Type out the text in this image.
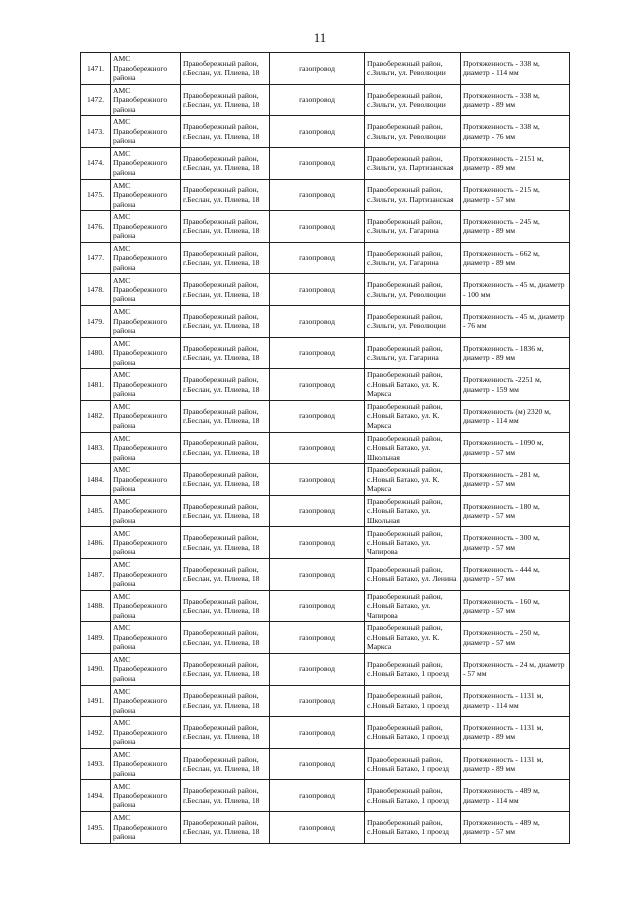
11
1471.	АМС Правобережного района	Правобережный район, г.Беслан, ул. Плиева, 18	газопровод	Правобережный район, с.Зильги, ул. Революции	Протяженность - 338 м, диаметр - 114 мм
1472.	АМС Правобережного района	Правобережный район, г.Беслан, ул. Плиева, 18	газопровод	Правобережный район, с.Зильги, ул. Революции	Протяженность - 338 м, диаметр - 89 мм
1473.	АМС Правобережного района	Правобережный район, г.Беслан, ул. Плиева, 18	газопровод	Правобережный район, с.Зильги, ул. Революции	Протяженность - 338 м, диаметр - 76 мм
1474.	АМС Правобережного района	Правобережный район, г.Беслан, ул. Плиева, 18	газопровод	Правобережный район, с.Зильги, ул. Партизанская	Протяженность - 2151 м, диаметр - 89 мм
1475.	АМС Правобережного района	Правобережный район, г.Беслан, ул. Плиева, 18	газопровод	Правобережный район, с.Зильги, ул. Партизанская	Протяженность - 215 м, диаметр - 57 мм
1476.	АМС Правобережного района	Правобережный район, г.Беслан, ул. Плиева, 18	газопровод	Правобережный район, с.Зильги, ул. Гагарина	Протяженность - 245 м, диаметр - 89 мм
1477.	АМС Правобережного района	Правобережный район, г.Беслан, ул. Плиева, 18	газопровод	Правобережный район, с.Зильги, ул. Гагарина	Протяженность - 662 м, диаметр - 89 мм
1478.	АМС Правобережного района	Правобережный район, г.Беслан, ул. Плиева, 18	газопровод	Правобережный район, с.Зильги, ул. Революции	Протяженность - 45 м, диаметр - 100 мм
1479.	АМС Правобережного района	Правобережный район, г.Беслан, ул. Плиева, 18	газопровод	Правобережный район, с.Зильги, ул. Революции	Протяженность - 45 м, диаметр - 76 мм
1480.	АМС Правобережного района	Правобережный район, г.Беслан, ул. Плиева, 18	газопровод	Правобережный район, с.Зильги, ул. Гагарина	Протяженность - 1836 м, диаметр - 89 мм
1481.	АМС Правобережного района	Правобережный район, г.Беслан, ул. Плиева, 18	газопровод	Правобережный район, с.Новый Батако, ул. К. Маркса	Протяженность -2251 м, диаметр - 159 мм
1482.	АМС Правобережного района	Правобережный район, г.Беслан, ул. Плиева, 18	газопровод	Правобережный район, с.Новый Батако, ул. К. Маркса	Протяженность (м) 2320 м, диаметр - 114 мм
1483.	АМС Правобережного района	Правобережный район, г.Беслан, ул. Плиева, 18	газопровод	Правобережный район, с.Новый Батако, ул. Школьная	Протяженность - 1090 м, диаметр - 57 мм
1484.	АМС Правобережного района	Правобережный район, г.Беслан, ул. Плиева, 18	газопровод	Правобережный район, с.Новый Батако, ул. К. Маркса	Протяженность - 281 м, диаметр - 57 мм
1485.	АМС Правобережного района	Правобережный район, г.Беслан, ул. Плиева, 18	газопровод	Правобережный район, с.Новый Батако, ул. Школьная	Протяженность - 180 м, диаметр - 57 мм
1486.	АМС Правобережного района	Правобережный район, г.Беслан, ул. Плиева, 18	газопровод	Правобережный район, с.Новый Батако, ул. Чапирова	Протяженность - 300 м, диаметр - 57 мм
1487.	АМС Правобережного района	Правобережный район, г.Беслан, ул. Плиева, 18	газопровод	Правобережный район, с.Новый Батако, ул. Ленина	Протяженность - 444 м, диаметр - 57 мм
1488.	АМС Правобережного района	Правобережный район, г.Беслан, ул. Плиева, 18	газопровод	Правобережный район, с.Новый Батако, ул. Чапирова	Протяженность - 160 м, диаметр - 57 мм
1489.	АМС Правобережного района	Правобережный район, г.Беслан, ул. Плиева, 18	газопровод	Правобережный район, с.Новый Батако, ул. К. Маркса	Протяженность - 250 м, диаметр - 57 мм
1490.	АМС Правобережного района	Правобережный район, г.Беслан, ул. Плиева, 18	газопровод	Правобережный район, с.Новый Батако, 1 проезд	Протяженность - 24 м, диаметр - 57 мм
1491.	АМС Правобережного района	Правобережный район, г.Беслан, ул. Плиева, 18	газопровод	Правобережный район, с.Новый Батако, 1 проезд	Протяженность - 1131 м, диаметр - 114 мм
1492.	АМС Правобережного района	Правобережный район, г.Беслан, ул. Плиева, 18	газопровод	Правобережный район, с.Новый Батако, 1 проезд	Протяженность - 1131 м, диаметр - 89 мм
1493.	АМС Правобережного района	Правобережный район, г.Беслан, ул. Плиева, 18	газопровод	Правобережный район, с.Новый Батако, 1 проезд	Протяженность - 1131 м, диаметр - 89 мм
1494.	АМС Правобережного района	Правобережный район, г.Беслан, ул. Плиева, 18	газопровод	Правобережный район, с.Новый Батако, 1 проезд	Протяженность - 489 м, диаметр - 114 мм
1495.	АМС Правобережного района	Правобережный район, г.Беслан, ул. Плиева, 18	газопровод	Правобережный район, с.Новый Батако, 1 проезд	Протяженность - 489 м, диаметр - 57 мм
